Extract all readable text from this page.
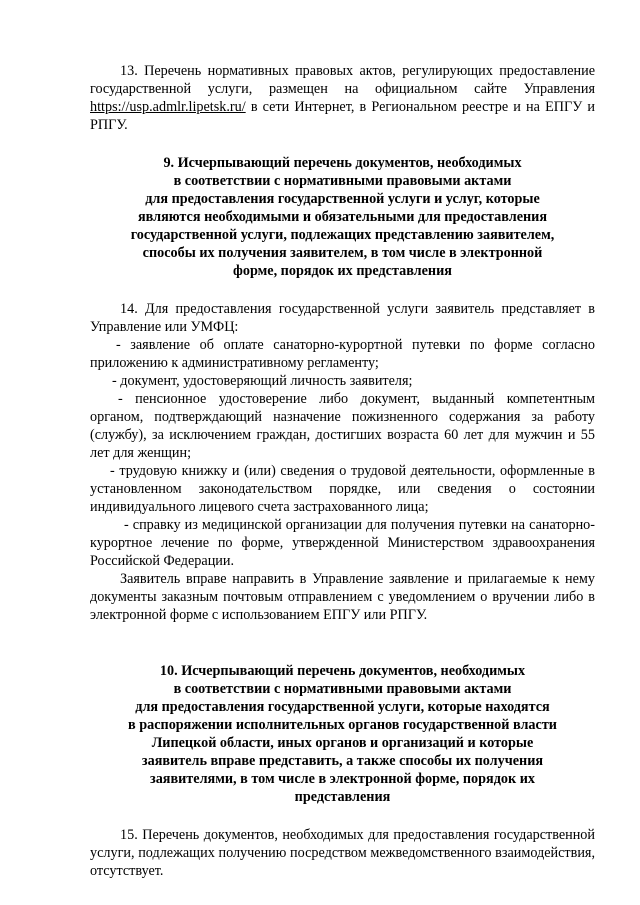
13. Перечень нормативных правовых актов, регулирующих предоставление государственной услуги, размещен на официальном сайте Управления https://usp.admlr.lipetsk.ru/ в сети Интернет, в Региональном реестре и на ЕПГУ и РПГУ.

9. Исчерпывающий перечень документов, необходимых
в соответствии с нормативными правовыми актами
для предоставления государственной услуги и услуг, которые
являются необходимыми и обязательными для предоставления
государственной услуги, подлежащих представлению заявителем,
способы их получения заявителем, в том числе в электронной
форме, порядок их представления

14. Для предоставления государственной услуги заявитель представляет в Управление или УМФЦ:

- заявление об оплате санаторно-курортной путевки по форме согласно приложению к административному регламенту;

- документ, удостоверяющий личность заявителя;

- пенсионное удостоверение либо документ, выданный компетентным органом, подтверждающий назначение пожизненного содержания за работу (службу), за исключением граждан, достигших возраста 60 лет для мужчин и 55 лет для женщин;

- трудовую книжку и (или) сведения о трудовой деятельности, оформленные в установленном законодательством порядке, или сведения о состоянии индивидуального лицевого счета застрахованного лица;

- справку из медицинской организации для получения путевки на санаторно-курортное лечение по форме, утвержденной Министерством здравоохранения Российской Федерации.

Заявитель вправе направить в Управление заявление и прилагаемые к нему документы заказным почтовым отправлением с уведомлением о вручении либо в электронной форме с использованием ЕПГУ или РПГУ.

10. Исчерпывающий перечень документов, необходимых
в соответствии с нормативными правовыми актами
для предоставления государственной услуги, которые находятся
в распоряжении исполнительных органов государственной власти
Липецкой области, иных органов и организаций и которые
заявитель вправе представить, а также способы их получения
заявителями, в том числе в электронной форме, порядок их
представления

15. Перечень документов, необходимых для предоставления государственной услуги, подлежащих получению посредством межведомственного взаимодействия, отсутствует.
